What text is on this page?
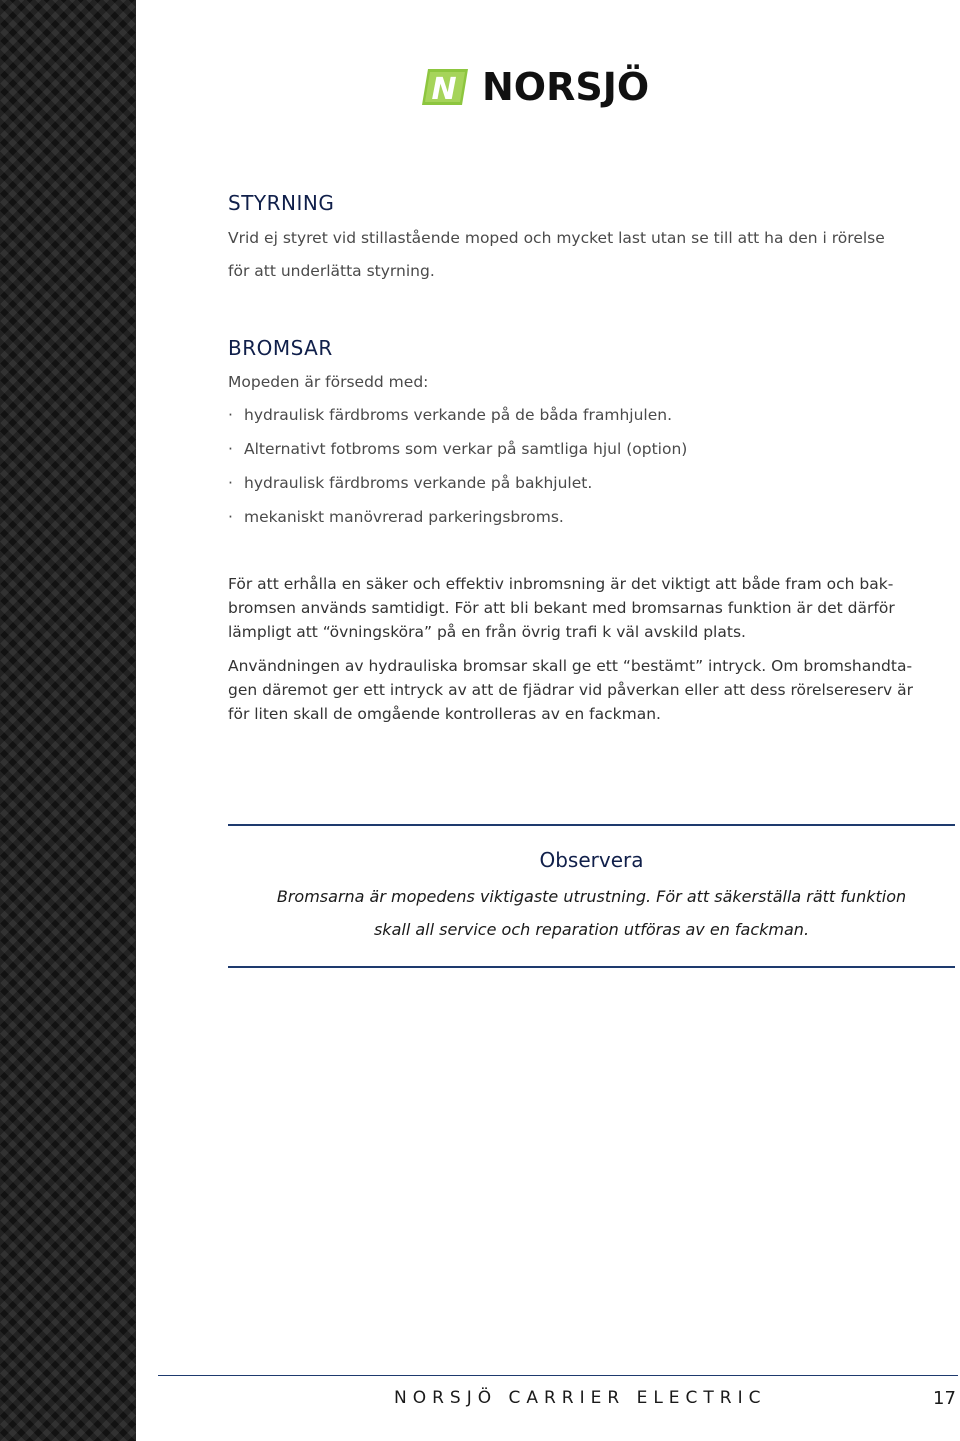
N NORSJÖ
STYRNING

Vrid ej styret vid stillastående moped och mycket last utan se till att ha den i rörelse

för att underlätta styrning.

BROMSAR

Mopeden är försedd med:

· hydraulisk färdbroms verkande på de båda framhjulen.

· Alternativt fotbroms som verkar på samtliga hjul (option)

· hydraulisk färdbroms verkande på bakhjulet.

· mekaniskt manövrerad parkeringsbroms.

För att erhålla en säker och effektiv inbromsning är det viktigt att både fram och bak-

bromsen används samtidigt. För att bli bekant med bromsarnas funktion är det därför

lämpligt att “övningsköra” på en från övrig trafi k väl avskild plats.

Användningen av hydrauliska bromsar skall ge ett “bestämt” intryck. Om bromshandta-

gen däremot ger ett intryck av att de fjädrar vid påverkan eller att dess rörelsereserv är

för liten skall de omgående kontrolleras av en fackman.

Observera

Bromsarna är mopedens viktigaste utrustning. För att säkerställa rätt funktion

skall all service och reparation utföras av en fackman.

NORSJÖ CARRIER ELECTRIC	17
